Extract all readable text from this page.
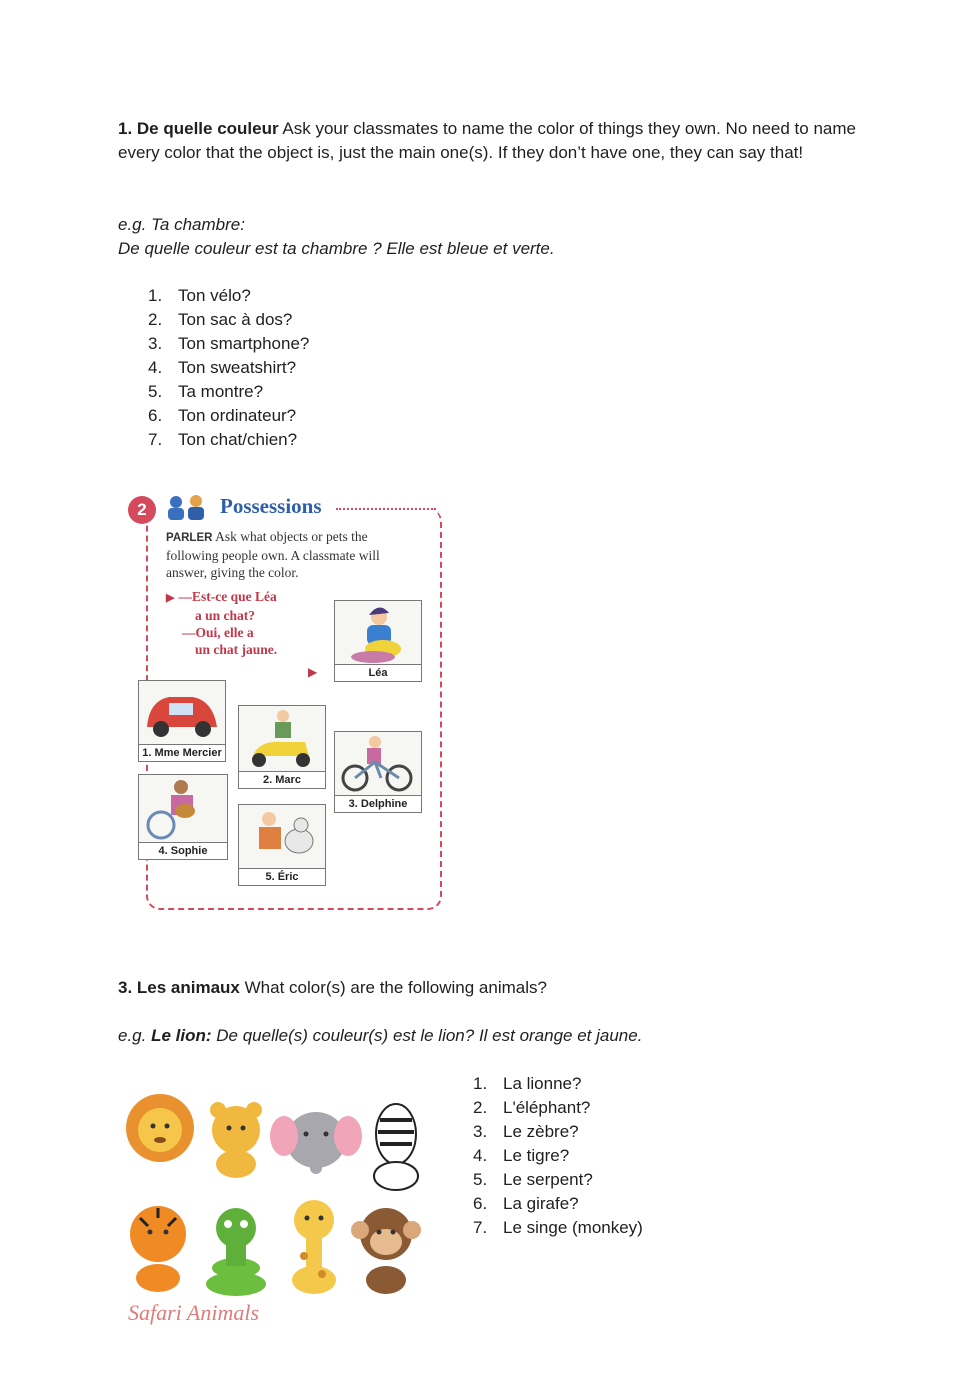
1. De quelle couleur Ask your classmates to name the color of things they own. No need to name every color that the object is, just the main one(s). If they don’t have one, they can say that!
e.g. Ta chambre:
De quelle couleur est ta chambre ? Elle est bleue et verte.
1. Ton vélo?
2. Ton sac à dos?
3. Ton smartphone?
4. Ton sweatshirt?
5. Ta montre?
6. Ton ordinateur?
7. Ton chat/chien?
2	Possessions
PARLER Ask what objects or pets the following people own. A classmate will answer, giving the color.
▶ —Est-ce que Léa
a un chat?
—Oui, elle a
un chat jaune.
▶	Léa
1. Mme Mercier
2. Marc
3. Delphine
4. Sophie
5. Éric
3. Les animaux What color(s) are the following animals?
e.g. Le lion: De quelle(s) couleur(s) est le lion? Il est orange et jaune.
Safari Animals
1. La lionne?
2. L'éléphant?
3. Le zèbre?
4. Le tigre?
5. Le serpent?
6. La girafe?
7. Le singe (monkey)
